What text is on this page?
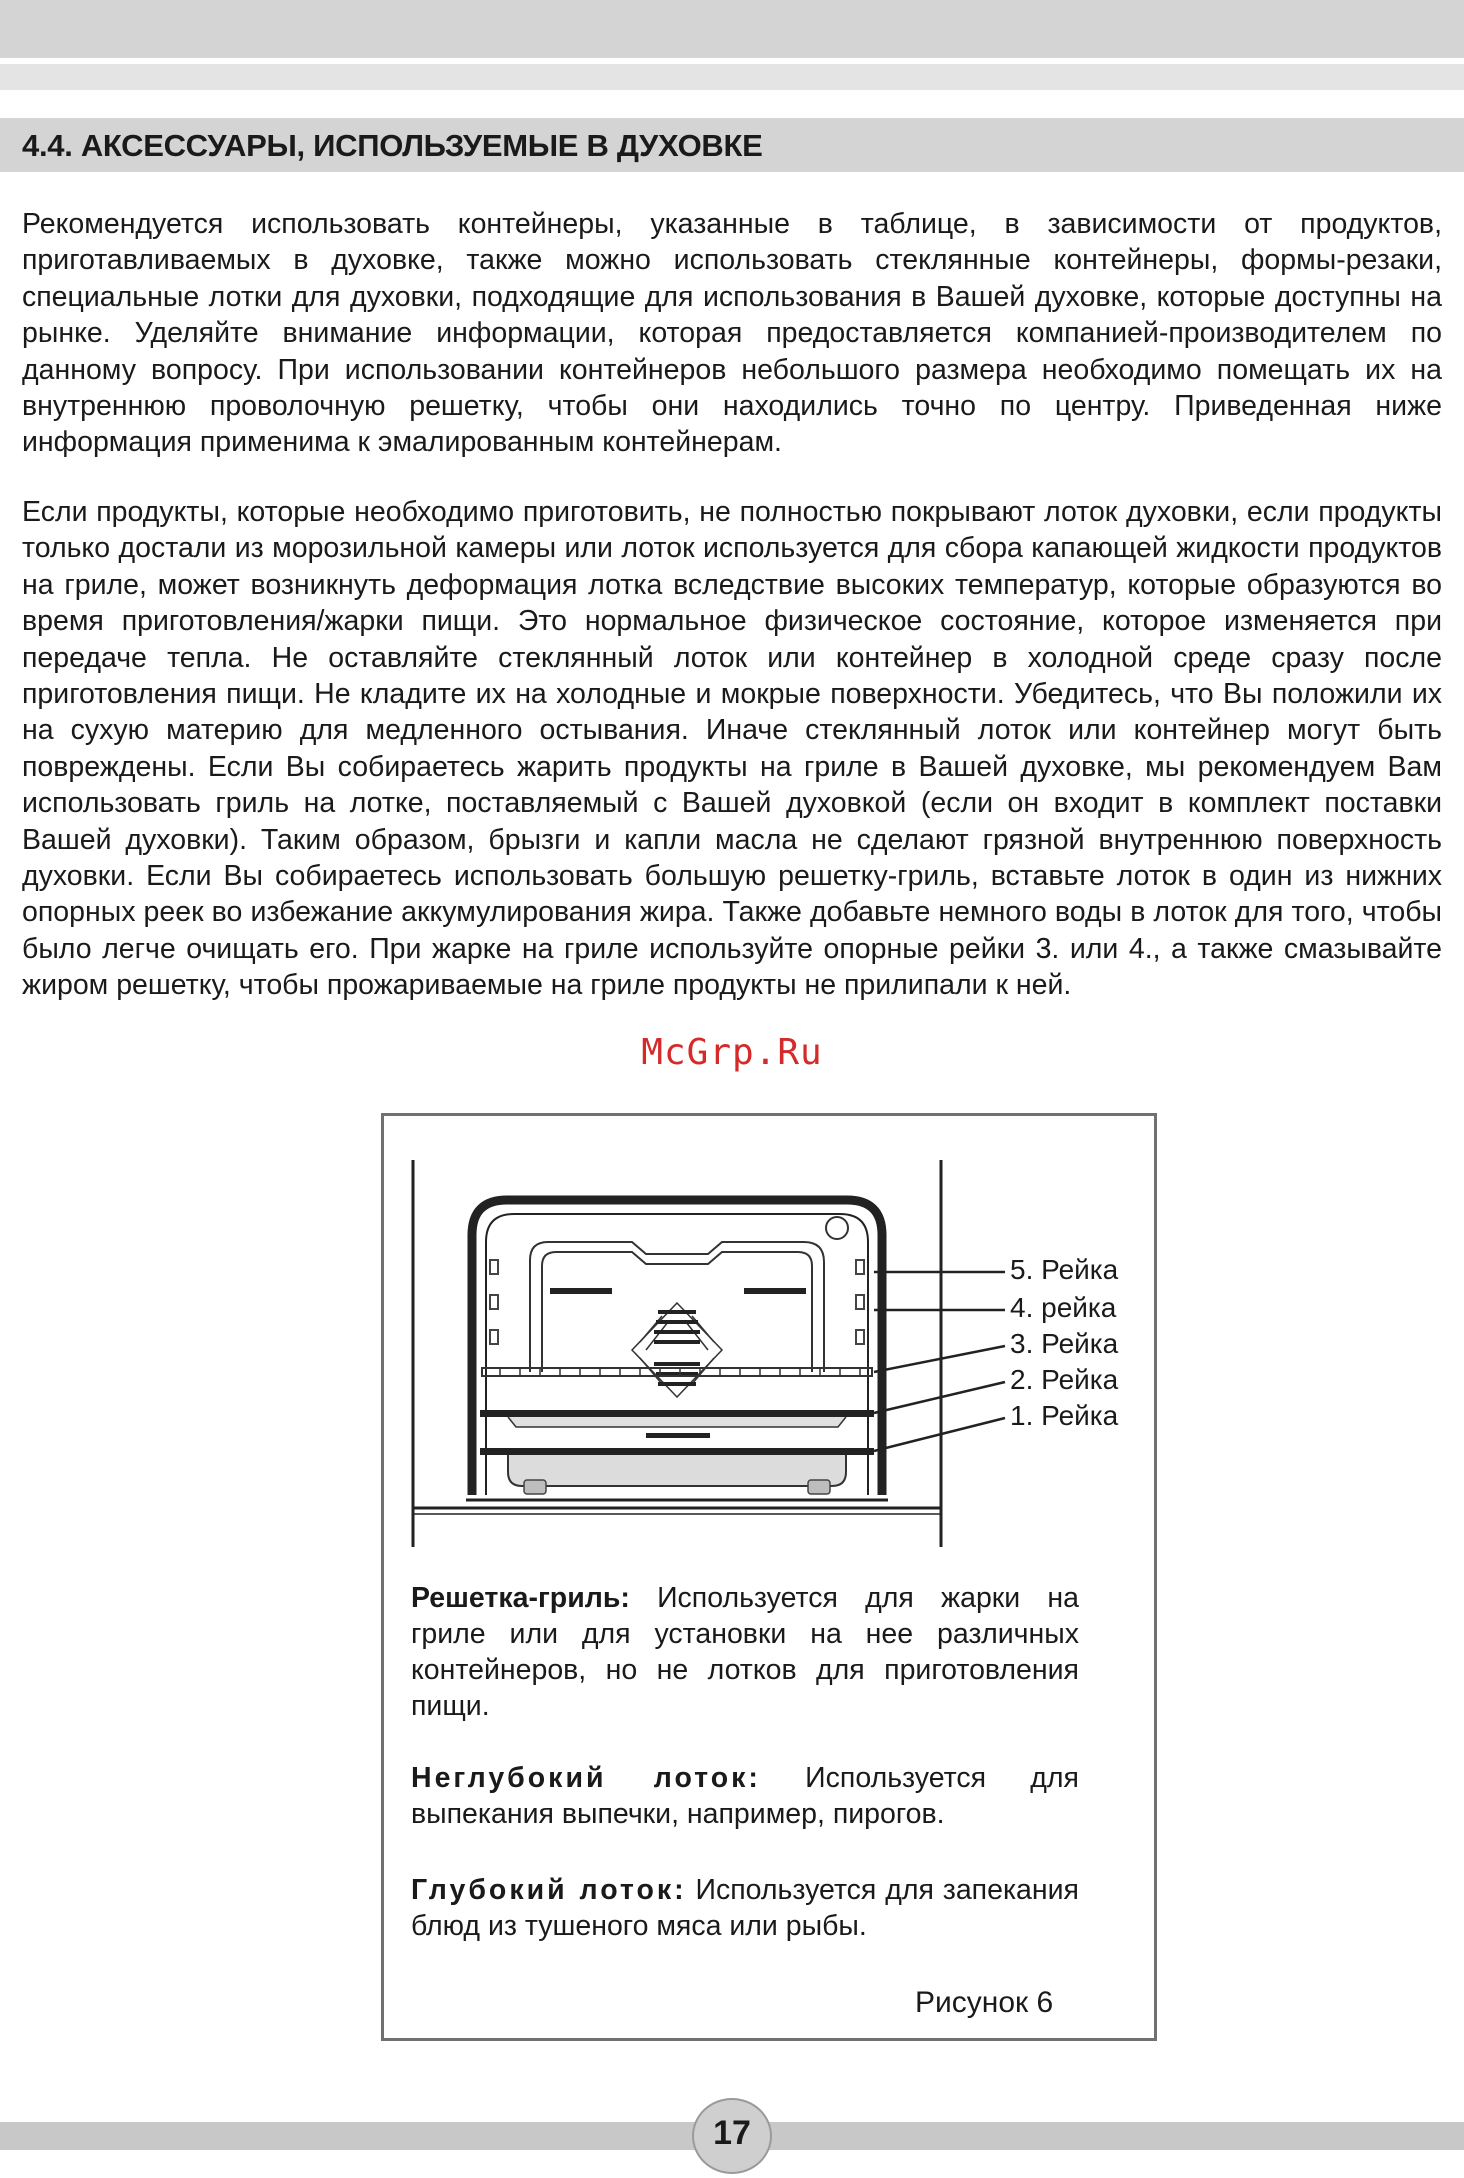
4.4. АКСЕССУАРЫ, ИСПОЛЬЗУЕМЫЕ В ДУХОВКЕ

Рекомендуется использовать контейнеры, указанные в таблице, в зависимости от продуктов, приготавливаемых в духовке, также можно использовать стеклянные контейнеры, формы-резаки, специальные лотки для духовки, подходящие для использования в Вашей духовке, которые доступны на рынке. Уделяйте внимание информации, которая предоставляется компанией-производителем по данному вопросу. При использовании контейнеров небольшого размера необходимо помещать их на внутреннюю проволочную решетку, чтобы они находились точно по центру. Приведенная ниже информация применима к эмалированным контейнерам.

Если продукты, которые необходимо приготовить, не полностью покрывают лоток духовки, если продукты только достали из морозильной камеры или лоток используется для сбора капающей жидкости продуктов на гриле, может возникнуть деформация лотка вследствие высоких температур, которые образуются во время приготовления/жарки пищи. Это нормальное физическое состояние, которое изменяется при передаче тепла. Не оставляйте стеклянный лоток или контейнер в холодной среде сразу после приготовления пищи. Не кладите их на холодные и мокрые поверхности. Убедитесь, что Вы положили их на сухую материю для медленного остывания. Иначе стеклянный лоток или контейнер могут быть повреждены. Если Вы собираетесь жарить продукты на гриле в Вашей духовке, мы рекомендуем Вам использовать гриль на лотке, поставляемый с Вашей духовкой (если он входит в комплект поставки Вашей духовки). Таким образом, брызги и капли масла не сделают грязной внутреннюю поверхность духовки. Если Вы собираетесь использовать большую решетку-гриль, вставьте лоток в один из нижних опорных реек во избежание аккумулирования жира. Также добавьте немного воды в лоток для того, чтобы было легче очищать его. При жарке на гриле используйте опорные рейки 3. или 4., а также смазывайте жиром решетку, чтобы прожариваемые на гриле продукты не прилипали к ней.

McGrp.Ru
5. Рейка
4. рейка
3. Рейка
2. Рейка
1. Рейка

Решетка-гриль: Используется для жарки на гриле или для установки на нее различных контейнеров, но не лотков для приготовления пищи.

Неглубокий лоток: Используется для выпекания выпечки, например, пирогов.

Глубокий лоток: Используется для запекания блюд из тушеного мяса или рыбы.

Рисунок 6
17
